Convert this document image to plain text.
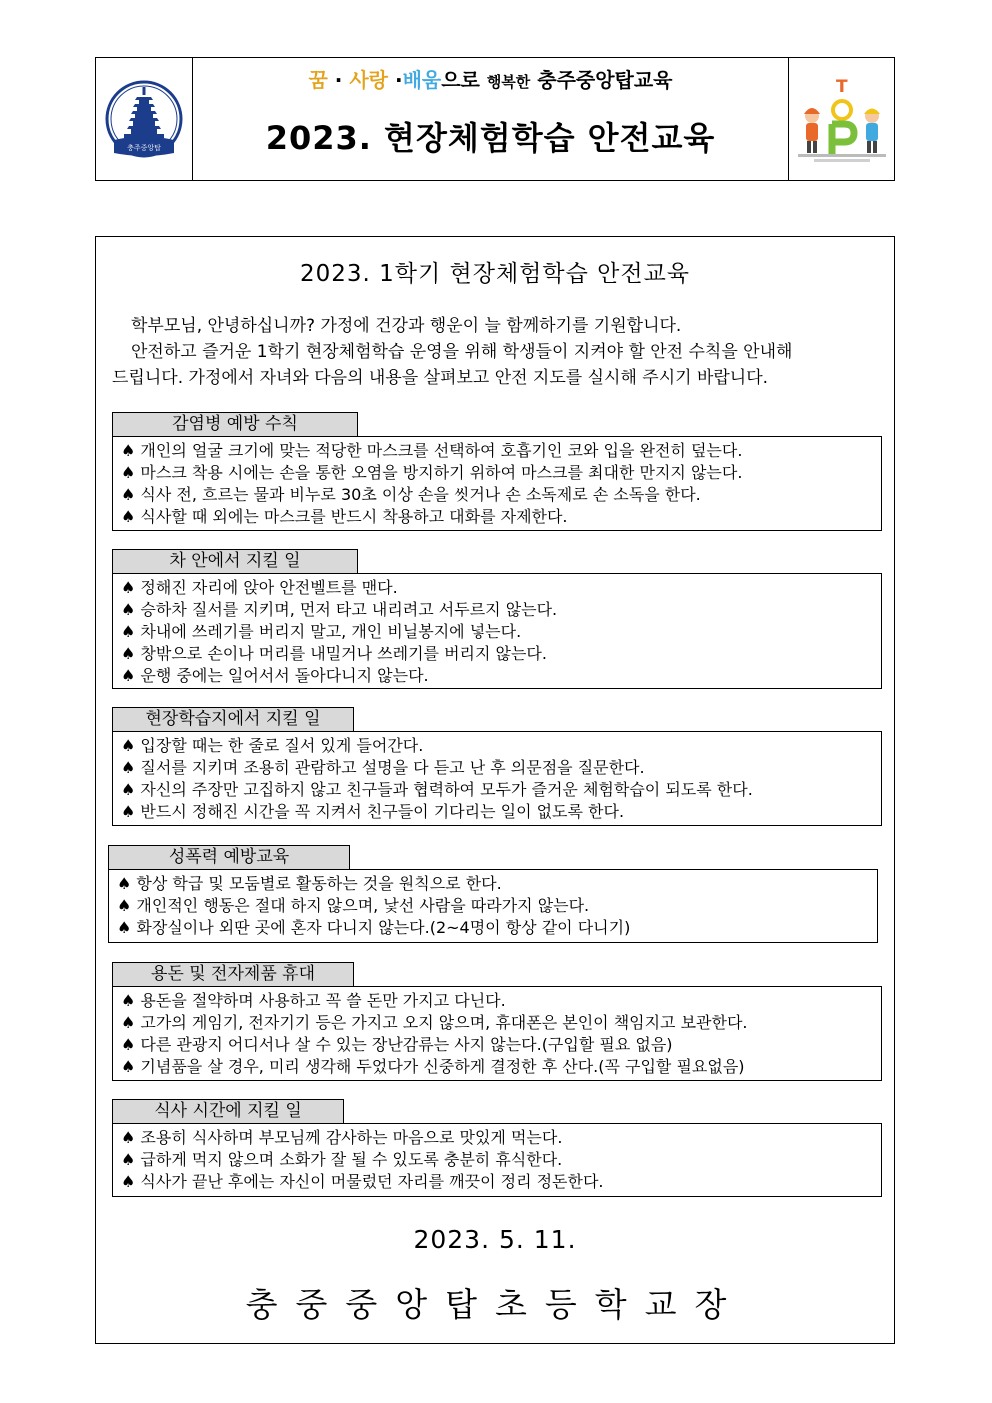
충주중앙탑
꿈 · 사랑 ·배움으로 행복한 충주중앙탑교육
2023. 현장체험학습 안전교육
T
O
P
2023. 1학기 현장체험학습 안전교육

학부모님, 안녕하십니까? 가정에 건강과 행운이 늘 함께하기를 기원합니다.

안전하고 즐거운 1학기 현장체험학습 운영을 위해 학생들이 지켜야 할 안전 수칙을 안내해

드립니다. 가정에서 자녀와 다음의 내용을 살펴보고 안전 지도를 실시해 주시기 바랍니다.

감염병 예방 수칙
♠ 개인의 얼굴 크기에 맞는 적당한 마스크를 선택하여 호흡기인 코와 입을 완전히 덮는다.
♠ 마스크 착용 시에는 손을 통한 오염을 방지하기 위하여 마스크를 최대한 만지지 않는다.
♠ 식사 전, 흐르는 물과 비누로 30초 이상 손을 씻거나 손 소독제로 손 소독을 한다.
♠ 식사할 때 외에는 마스크를 반드시 착용하고 대화를 자제한다.
차 안에서 지킬 일
♠ 정해진 자리에 앉아 안전벨트를 맨다.
♠ 승하차 질서를 지키며, 먼저 타고 내리려고 서두르지 않는다.
♠ 차내에 쓰레기를 버리지 말고, 개인 비닐봉지에 넣는다.
♠ 창밖으로 손이나 머리를 내밀거나 쓰레기를 버리지 않는다.
♠ 운행 중에는 일어서서 돌아다니지 않는다.
현장학습지에서 지킬 일
♠ 입장할 때는 한 줄로 질서 있게 들어간다.
♠ 질서를 지키며 조용히 관람하고 설명을 다 듣고 난 후 의문점을 질문한다.
♠ 자신의 주장만 고집하지 않고 친구들과 협력하여 모두가 즐거운 체험학습이 되도록 한다.
♠ 반드시 정해진 시간을 꼭 지켜서 친구들이 기다리는 일이 없도록 한다.
성폭력 예방교육
♠ 항상 학급 및 모둠별로 활동하는 것을 원칙으로 한다.
♠ 개인적인 행동은 절대 하지 않으며, 낯선 사람을 따라가지 않는다.
♠ 화장실이나 외딴 곳에 혼자 다니지 않는다.(2~4명이 항상 같이 다니기)
용돈 및 전자제품 휴대
♠ 용돈을 절약하며 사용하고 꼭 쓸 돈만 가지고 다닌다.
♠ 고가의 게임기, 전자기기 등은 가지고 오지 않으며, 휴대폰은 본인이 책임지고 보관한다.
♠ 다른 관광지 어디서나 살 수 있는 장난감류는 사지 않는다.(구입할 필요 없음)
♠ 기념품을 살 경우, 미리 생각해 두었다가 신중하게 결정한 후 산다.(꼭 구입할 필요없음)
식사 시간에 지킬 일
♠ 조용히 식사하며 부모님께 감사하는 마음으로 맛있게 먹는다.
♠ 급하게 먹지 않으며 소화가 잘 될 수 있도록 충분히 휴식한다.
♠ 식사가 끝난 후에는 자신이 머물렀던 자리를 깨끗이 정리 정돈한다.
2023. 5. 11.
충중중앙탑초등학교장
